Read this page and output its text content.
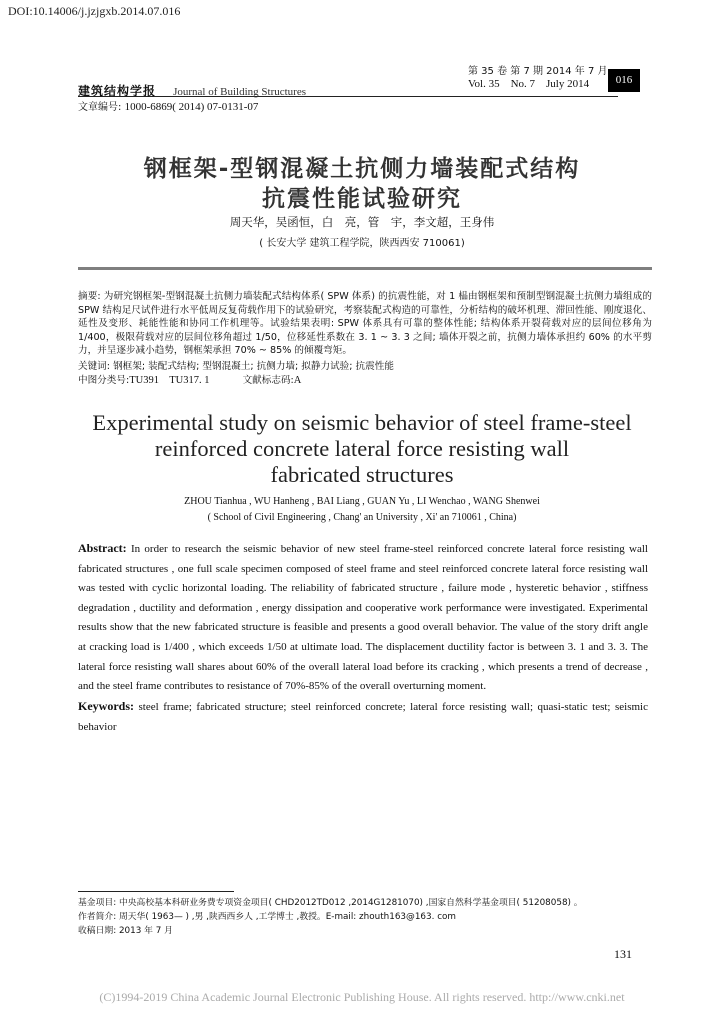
DOI:10.14006/j.jzjgxb.2014.07.016
建筑结构学报 Journal of Building Structures
第 35 卷 第 7 期 2014 年 7 月
Vol. 35    No. 7    July 2014	016
文章编号: 1000-6869( 2014) 07-0131-07
钢框架-型钢混凝土抗侧力墙装配式结构
抗震性能试验研究
周天华，吴函恒，白　亮，管　宇，李文超，王身伟
( 长安大学 建筑工程学院，陕西西安 710061)
摘要: 为研究钢框架-型钢混凝土抗侧力墙装配式结构体系( SPW 体系) 的抗震性能，对 1 榀由钢框架和预制型钢混凝土抗侧力墙组成的 SPW 结构足尺试件进行水平低周反复荷载作用下的试验研究，考察装配式构造的可靠性，分析结构的破坏机理、滞回性能、刚度退化、延性及变形、耗能性能和协同工作机理等。试验结果表明: SPW 体系具有可靠的整体性能; 结构体系开裂荷载对应的层间位移角为 1/400，极限荷载对应的层间位移角超过 1/50，位移延性系数在 3. 1 ~ 3. 3 之间; 墙体开裂之前，抗侧力墙体承担约 60% 的水平剪力，并呈逐步减小趋势，钢框架承担 70% ~ 85% 的倾覆弯矩。
关键词: 钢框架; 装配式结构; 型钢混凝土; 抗侧力墙; 拟静力试验; 抗震性能
中图分类号:TU391    TU317. 1	文献标志码:A
Experimental study on seismic behavior of steel frame-steel
reinforced concrete lateral force resisting wall
fabricated structures
ZHOU Tianhua , WU Hanheng , BAI Liang , GUAN Yu , LI Wenchao , WANG Shenwei
( School of Civil Engineering , Chang' an University , Xi' an 710061 , China)
Abstract: In order to research the seismic behavior of new steel frame-steel reinforced concrete lateral force resisting wall fabricated structures , one full scale specimen composed of steel frame and steel reinforced concrete lateral force resisting wall was tested with cyclic horizontal loading. The reliability of fabricated structure , failure mode , hysteretic behavior , stiffness degradation , ductility and deformation , energy dissipation and cooperative work performance were investigated. Experimental results show that the new fabricated structure is feasible and presents a good overall behavior. The value of the story drift angle at cracking load is 1/400 , which exceeds 1/50 at ultimate load. The displacement ductility factor is between 3. 1 and 3. 3. The lateral force resisting wall shares about 60% of the overall lateral load before its cracking , which presents a trend of decrease , and the steel frame contributes to resistance of 70%-85% of the overall overturning moment.
Keywords: steel frame; fabricated structure; steel reinforced concrete; lateral force resisting wall; quasi-static test; seismic behavior
基金项目: 中央高校基本科研业务费专项资金项目( CHD2012TD012 ,2014G1281070) ,国家自然科学基金项目( 51208058) 。
作者简介: 周天华( 1963— ) ,男 ,陕西西乡人 ,工学博士 ,教授。E-mail: zhouth163@163. com
收稿日期: 2013 年 7 月
131
(C)1994-2019 China Academic Journal Electronic Publishing House. All rights reserved. http://www.cnki.net
